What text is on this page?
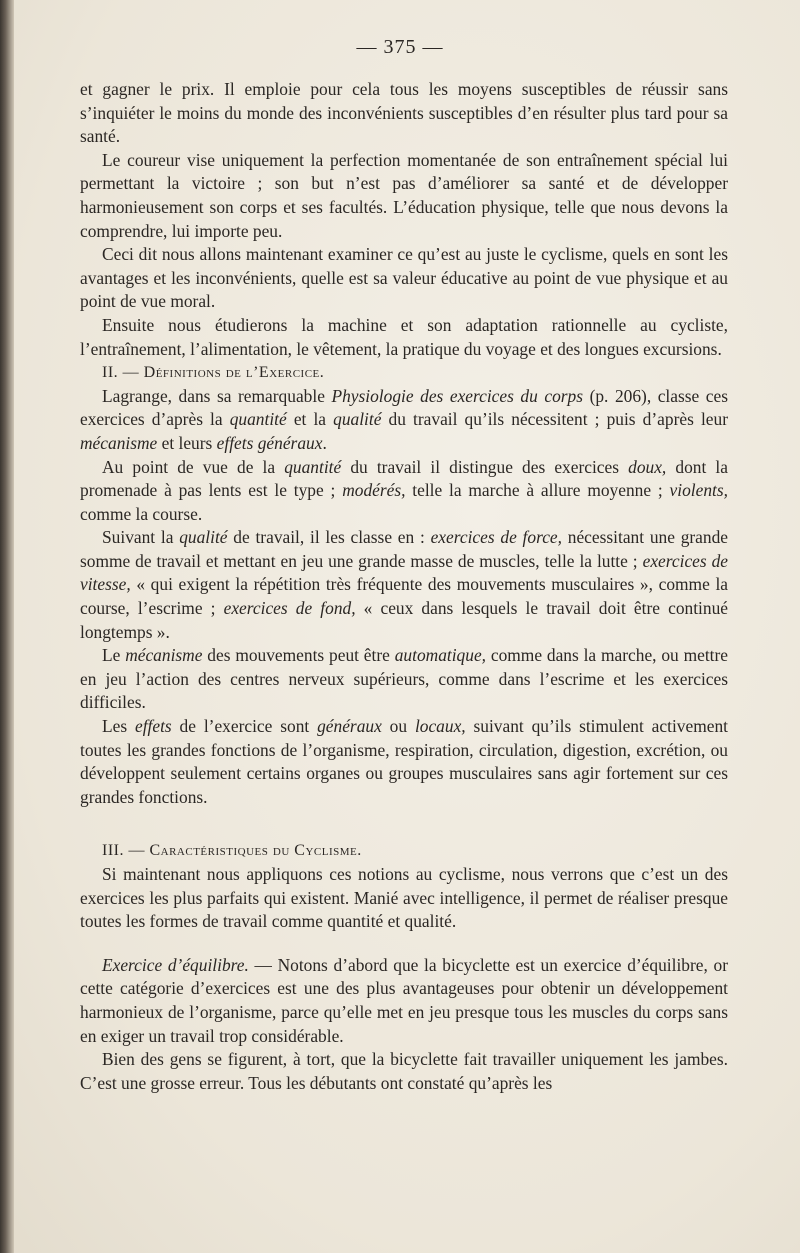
— 375 —

et gagner le prix. Il emploie pour cela tous les moyens susceptibles de réussir sans s’inquiéter le moins du monde des inconvénients susceptibles d’en résulter plus tard pour sa santé.

Le coureur vise uniquement la perfection momentanée de son entraînement spécial lui permettant la victoire ; son but n’est pas d’améliorer sa santé et de développer harmonieusement son corps et ses facultés. L’éducation physique, telle que nous devons la comprendre, lui importe peu.

Ceci dit nous allons maintenant examiner ce qu’est au juste le cyclisme, quels en sont les avantages et les inconvénients, quelle est sa valeur éducative au point de vue physique et au point de vue moral.

Ensuite nous étudierons la machine et son adaptation rationnelle au cycliste, l’entraînement, l’alimentation, le vêtement, la pratique du voyage et des longues excursions.

II. — Définitions de l’Exercice.

Lagrange, dans sa remarquable Physiologie des exercices du corps (p. 206), classe ces exercices d’après la quantité et la qualité du travail qu’ils nécessitent ; puis d’après leur mécanisme et leurs effets généraux.

Au point de vue de la quantité du travail il distingue des exercices doux, dont la promenade à pas lents est le type ; modérés, telle la marche à allure moyenne ; violents, comme la course.

Suivant la qualité de travail, il les classe en : exercices de force, nécessitant une grande somme de travail et mettant en jeu une grande masse de muscles, telle la lutte ; exercices de vitesse, « qui exigent la répétition très fréquente des mouvements musculaires », comme la course, l’escrime ; exercices de fond, « ceux dans lesquels le travail doit être continué longtemps ».

Le mécanisme des mouvements peut être automatique, comme dans la marche, ou mettre en jeu l’action des centres nerveux supérieurs, comme dans l’escrime et les exercices difficiles.

Les effets de l’exercice sont généraux ou locaux, suivant qu’ils stimulent activement toutes les grandes fonctions de l’organisme, respiration, circulation, digestion, excrétion, ou développent seulement certains organes ou groupes musculaires sans agir fortement sur ces grandes fonctions.

III. — Caractéristiques du Cyclisme.

Si maintenant nous appliquons ces notions au cyclisme, nous verrons que c’est un des exercices les plus parfaits qui existent. Manié avec intelligence, il permet de réaliser presque toutes les formes de travail comme quantité et qualité.

Exercice d’équilibre. — Notons d’abord que la bicyclette est un exercice d’équilibre, or cette catégorie d’exercices est une des plus avantageuses pour obtenir un développement harmonieux de l’organisme, parce qu’elle met en jeu presque tous les muscles du corps sans en exiger un travail trop considérable.

Bien des gens se figurent, à tort, que la bicyclette fait travailler uniquement les jambes. C’est une grosse erreur. Tous les débutants ont constaté qu’après les
